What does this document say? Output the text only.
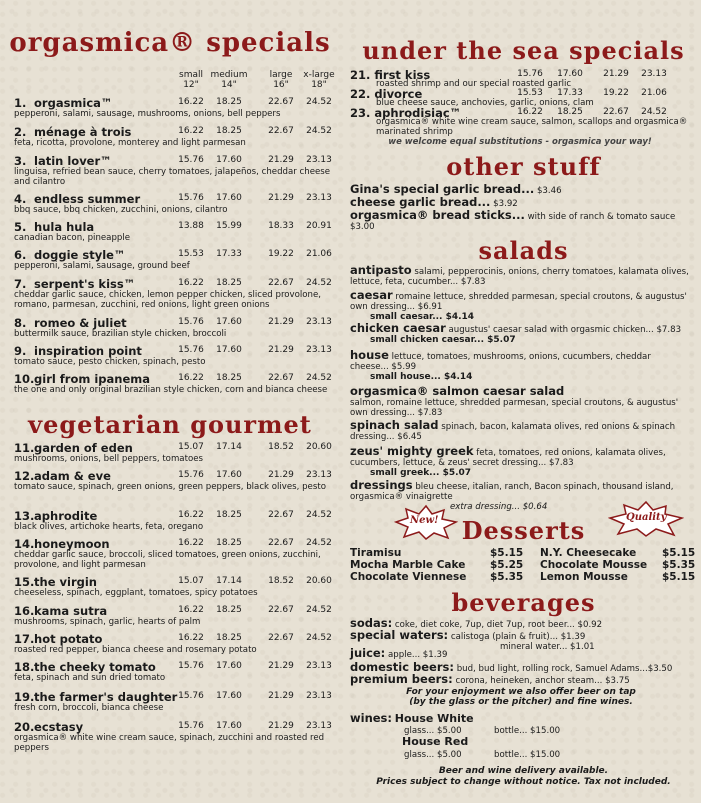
orgasmica® specials
small medium	large	x-large
12"	14"	16"	18"
1. orgasmica™	16.22	18.25	22.67	24.52
pepperoni, salami, sausage, mushrooms, onions, bell peppers
2. ménage à trois	16.22	18.25	22.67	24.52
feta, ricotta, provolone, monterey and light parmesan
3. latin lover™	15.76	17.60	21.29	23.13
linguisa, refried bean sauce, cherry tomatoes, jalapeños, cheddar cheese and cilantro
4. endless summer	15.76	17.60	21.29	23.13
bbq sauce, bbq chicken, zucchini, onions, cilantro
5. hula hula	13.88	15.99	18.33	20.91
canadian bacon, pineapple
6. doggie style™	15.53	17.33	19.22	21.06
pepperoni, salami, sausage, ground beef
7. serpent's kiss™	16.22	18.25	22.67	24.52
cheddar garlic sauce, chicken, lemon pepper chicken, sliced provolone, romano, parmesan, zucchini, red onions, light green onions
8. romeo & juliet	15.76	17.60	21.29	23.13
buttermilk sauce, brazilian style chicken, broccoli
9. inspiration point	15.76	17.60	21.29	23.13
tomato sauce, pesto chicken, spinach, pesto
10. girl from ipanema	16.22	18.25	22.67	24.52
the one and only original brazilian style chicken, corn and bianca cheese
vegetarian gourmet
11. garden of eden	15.07	17.14	18.52	20.60
mushrooms, onions, bell peppers, tomatoes
12. adam & eve	15.76	17.60	21.29	23.13
tomato sauce, spinach, green onions, green peppers, black olives, pesto
13. aphrodite	16.22	18.25	22.67	24.52
black olives, artichoke hearts, feta, oregano
14. honeymoon	16.22	18.25	22.67	24.52
cheddar garlic sauce, broccoli, sliced tomatoes, green onions, zucchini, provolone, and light parmesan
15. the virgin	15.07	17.14	18.52	20.60
cheeseless, spinach, eggplant, tomatoes, spicy potatoes
16. kama sutra	16.22	18.25	22.67	24.52
mushrooms, spinach, garlic, hearts of palm
17. hot potato	16.22	18.25	22.67	24.52
roasted red pepper, bianca cheese and rosemary potato
18. the cheeky tomato	15.76	17.60	21.29	23.13
feta, spinach and sun dried tomato
19. the farmer's daughter 15.76	17.60	21.29	23.13
fresh corn, broccoli, bianca cheese
20. ecstasy	15.76	17.60	21.29	23.13
orgasmica® white wine cream sauce, spinach, zucchini and roasted red peppers
under the sea specials
21. first kiss	15.76	17.60	21.29	23.13
roasted shrimp and our special roasted garlic
22. divorce	15.53	17.33	19.22	21.06
blue cheese sauce, anchovies, garlic, onions, clam
23. aphrodisiac™	16.22	18.25	22.67	24.52
orgasmica® white wine cream sauce, salmon, scallops and orgasmica® marinated shrimp
we welcome equal substitutions - orgasmica your way!
other stuff
Gina's special garlic bread... $3.46
cheese garlic bread... $3.92
orgasmica® bread sticks... with side of ranch & tomato sauce $3.00
salads
antipasto salami, pepperocinis, onions, cherry tomatoes, kalamata olives, lettuce, feta, cucumber... $7.83
caesar romaine lettuce, shredded parmesan, special croutons, & augustus' own dressing... $6.91
small caesar... $4.14
chicken caesar augustus' caesar salad with orgasmic chicken... $7.83
small chicken caesar... $5.07
house lettuce, tomatoes, mushrooms, onions, cucumbers, cheddar cheese... $5.99
small house... $4.14
orgasmica® salmon caesar salad
salmon, romaine lettuce, shredded parmesan, special croutons, & augustus' own dressing... $7.83
spinach salad spinach, bacon, kalamata olives, red onions & spinach dressing... $6.45
zeus' mighty greek feta, tomatoes, red onions, kalamata olives, cucumbers, lettuce, & zeus' secret dressing... $7.83
small greek... $5.07
dressings bleu cheese, italian, ranch, Bacon spinach, thousand island, orgasmica® vinaigrette
extra dressing... $0.64
New! Desserts	Quality
Tiramisu	$5.15 N.Y. Cheesecake $5.15
Mocha Marble Cake $5.25 Chocolate Mousse $5.35
Chocolate Viennese $5.35 Lemon Mousse	$5.15
beverages
sodas: coke, diet coke, 7up, diet 7up, root beer... $0.92
special waters: calistoga (plain & fruit)... $1.39
mineral water... $1.01
juice: apple... $1.39
domestic beers: bud, bud light, rolling rock, Samuel Adams...$3.50
premium beers: corona, heineken, anchor steam... $3.75
For your enjoyment we also offer beer on tap (by the glass or the pitcher) and fine wines.
wines: House White
glass... $5.00	bottle... $15.00
House Red
glass... $5.00	bottle... $15.00
Beer and wine delivery available.
Prices subject to change without notice. Tax not included.
